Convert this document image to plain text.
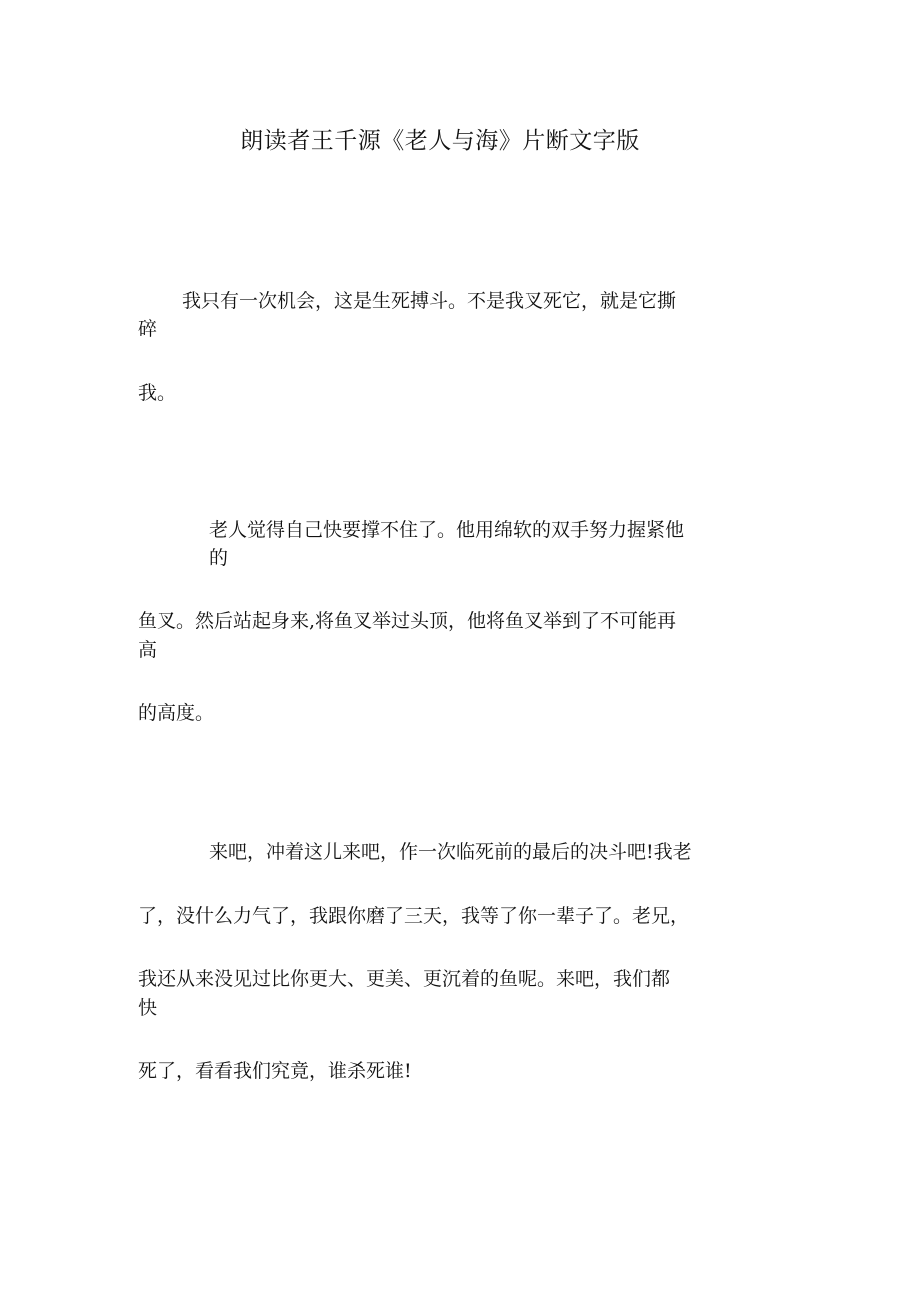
朗读者王千源《老人与海》片断文字版
我只有一次机会，这是生死搏斗。不是我叉死它，就是它撕
碎
我。
老人觉得自己快要撑不住了。他用绵软的双手努力握紧他
的
鱼叉。然后站起身来,将鱼叉举过头顶，他将鱼叉举到了不可能再
高
的高度。
来吧，冲着这儿来吧，作一次临死前的最后的决斗吧!我老
了，没什么力气了，我跟你磨了三天，我等了你一辈子了。老兄，
我还从来没见过比你更大、更美、更沉着的鱼呢。来吧，我们都
快
死了，看看我们究竟，谁杀死谁!
